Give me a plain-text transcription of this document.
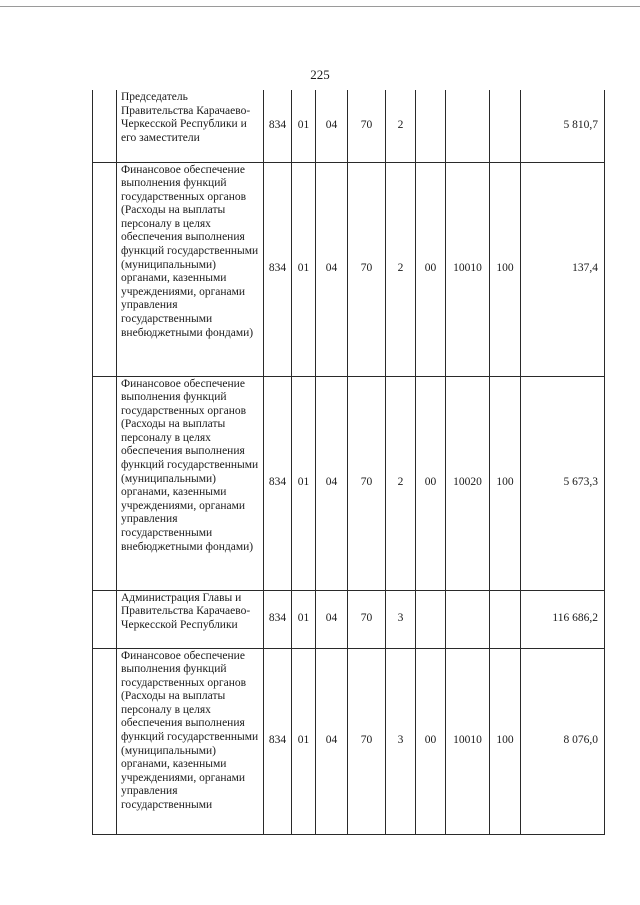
225
	Председатель Правительства Карачаево-Черкесской Республики и его заместители	834	01	04	70	2				5 810,7
	Финансовое обеспечение выполнения функций государственных органов (Расходы на выплаты персоналу в целях обеспечения выполнения функций государственными (муниципальными) органами, казенными учреждениями, органами управления государственными внебюджетными фондами)	834	01	04	70	2	00	10010	100	137,4
	Финансовое обеспечение выполнения функций государственных органов (Расходы на выплаты персоналу в целях обеспечения выполнения функций государственными (муниципальными) органами, казенными учреждениями, органами управления государственными внебюджетными фондами)	834	01	04	70	2	00	10020	100	5 673,3
	Администрация Главы и Правительства Карачаево-Черкесской Республики	834	01	04	70	3				116 686,2
	Финансовое обеспечение выполнения функций государственных органов (Расходы на выплаты персоналу в целях обеспечения выполнения функций государственными (муниципальными) органами, казенными учреждениями, органами управления государственными	834	01	04	70	3	00	10010	100	8 076,0
